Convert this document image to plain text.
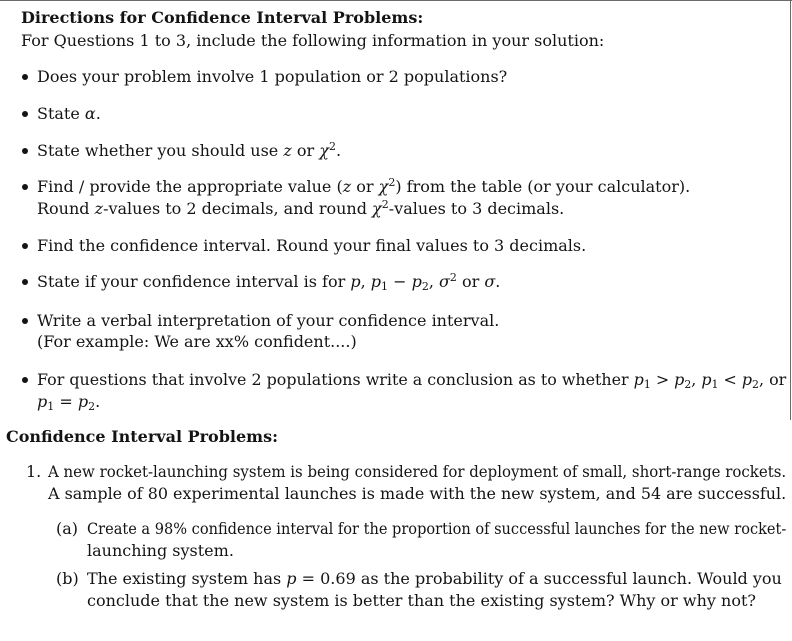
Directions for Confidence Interval Problems:
For Questions 1 to 3, include the following information in your solution:
Does your problem involve 1 population or 2 populations?
State α.
State whether you should use z or $\chi^2$.
Find / provide the appropriate value (z or $\chi^2$) from the table (or your calculator).
Round z-values to 2 decimals, and round $\chi^2$-values to 3 decimals.
Find the confidence interval. Round your final values to 3 decimals.
State if your confidence interval is for p, $p_1 - p_2$, $\sigma^2$ or σ.
Write a verbal interpretation of your confidence interval.
(For example: We are xx% confident....)
For questions that involve 2 populations write a conclusion as to whether $p_1 > p_2$, $p_1 < p_2$, or
$p_1 = p_2$.
Confidence Interval Problems:
1. A new rocket-launching system is being considered for deployment of small, short-range rockets.
A sample of 80 experimental launches is made with the new system, and 54 are successful.
(a) Create a 98% confidence interval for the proportion of successful launches for the new rocket-
launching system.
(b) The existing system has p = 0.69 as the probability of a successful launch. Would you
conclude that the new system is better than the existing system? Why or why not?
